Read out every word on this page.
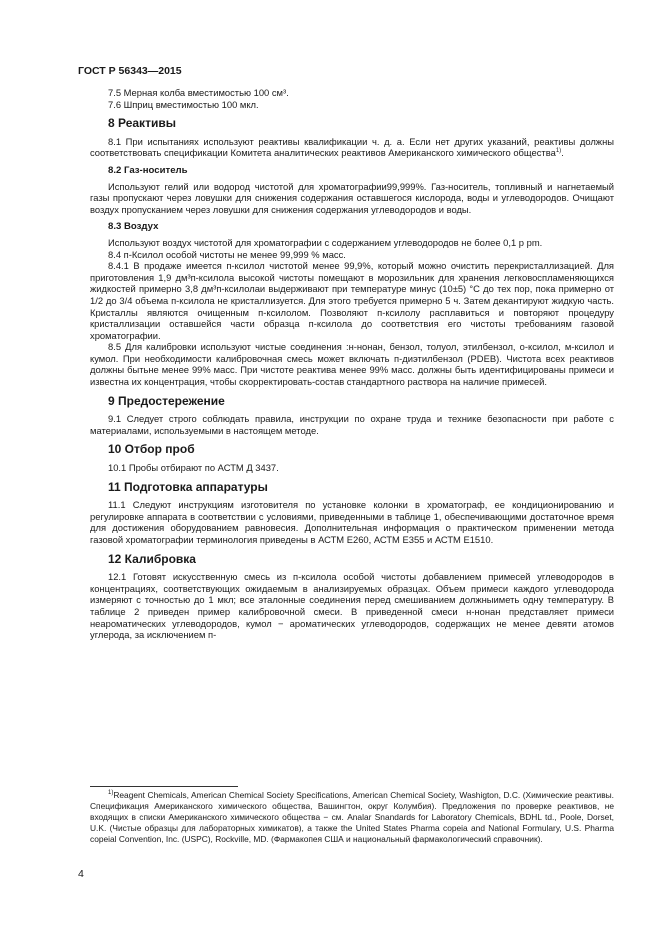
ГОСТ Р 56343—2015

7.5 Мерная колба вместимостью 100 см³.

7.6 Шприц вместимостью 100 мкл.

8 Реактивы

8.1 При испытаниях используют реактивы квалификации ч. д. а. Если нет других указаний, реактивы должны соответствовать спецификации Комитета аналитических реактивов Американского химического общества$^{1)}$.

8.2 Газ-носитель

Используют гелий или водород чистотой для хроматографии99,999%. Газ-носитель, топливный и нагнетаемый газы пропускают через ловушки для снижения содержания оставшегося кислорода, воды и углеводородов. Очищают воздух пропусканием через ловушки для снижения содержания углеводородов и воды.

8.3 Воздух

Используют воздух чистотой для хроматографии с содержанием углеводородов не более 0,1 р pm.

8.4 п-Ксилол особой чистоты не менее 99,999 % масс.

8.4.1 В продаже имеется п-ксилол чистотой менее 99,9%, который можно очистить перекристаллизацией. Для приготовления 1,9 дм³п-ксилола высокой чистоты помещают в морозильник для хранения легковоспламеняющихся жидкостей примерно 3,8 дм³п-ксилолаи выдерживают при температуре минус (10±5) °С до тех пор, пока примерно от 1/2 до 3/4 объема п-ксилола не кристаллизуется. Для этого требуется примерно 5 ч. Затем декантируют жидкую часть. Кристаллы являются очищенным п-ксилолом. Позволяют п-ксилолу расплавиться и повторяют процедуру кристаллизации оставшейся части образца п-ксилола до соответствия его чистоты требованиям газовой хроматографии.

8.5 Для калибровки используют чистые соединения :н-нонан, бензол, толуол, этилбензол, о-ксилол, м-ксилол и кумол. При необходимости калибровочная смесь может включать п-диэтилбензол (PDEB). Чистота всех реактивов должны бытьне менее 99% масс. При чистоте реактива менее 99% масс. должны быть идентифицированы примеси и известна их концентрация, чтобы скорректировать-состав стандартного раствора на наличие примесей.

9 Предостережение

9.1 Следует строго соблюдать правила, инструкции по охране труда и технике безопасности при работе с материалами, используемыми в настоящем методе.

10 Отбор проб

10.1 Пробы отбирают по АСТМ Д 3437.

11 Подготовка аппаратуры

11.1 Следуют инструкциям изготовителя по установке колонки в хроматограф, ее кондиционированию и регулировке аппарата в соответствии с условиями, приведенными в таблице 1, обеспечивающими достаточное время для достижения оборудованием равновесия. Дополнительная информация о практическом применении метода газовой хроматографии терминология приведены в АСТМ Е260, АСТМ Е355 и АСТМ Е1510.

12 Калибровка

12.1 Готовят искусственную смесь из п-ксилола особой чистоты добавлением примесей углеводородов в концентрациях, соответствующих ожидаемым в анализируемых образцах. Объем примеси каждого углеводорода измеряют с точностью до 1 мкл; все эталонные соединения перед смешиванием должныиметь одну температуру. В таблице 2 приведен пример калибровочной смеси. В приведенной смеси н-нонан представляет примеси неароматических углеводородов, кумол − ароматических углеводородов, содержащих не менее девяти атомов углерода, за исключением п-

$^{1)}$Reagent Chemicals, American Chemical Society Specifications, American Chemical Society, Washigton, D.C. (Химические реактивы. Спецификация Американского химического общества, Вашингтон, округ Колумбия). Предложения по проверке реактивов, не входящих в списки Американского химического общества − см. Analar Snandards for Laboratory Chemicals, BDHL td., Poole, Dorset, U.K. (Чистые образцы для лабораторных химикатов), а также the United States Pharma copeia and National Formulary, U.S. Pharma copeial Convention, Inc. (USPC), Rockville, MD. (Фармакопея США и национальный фармакологический справочник).

4
